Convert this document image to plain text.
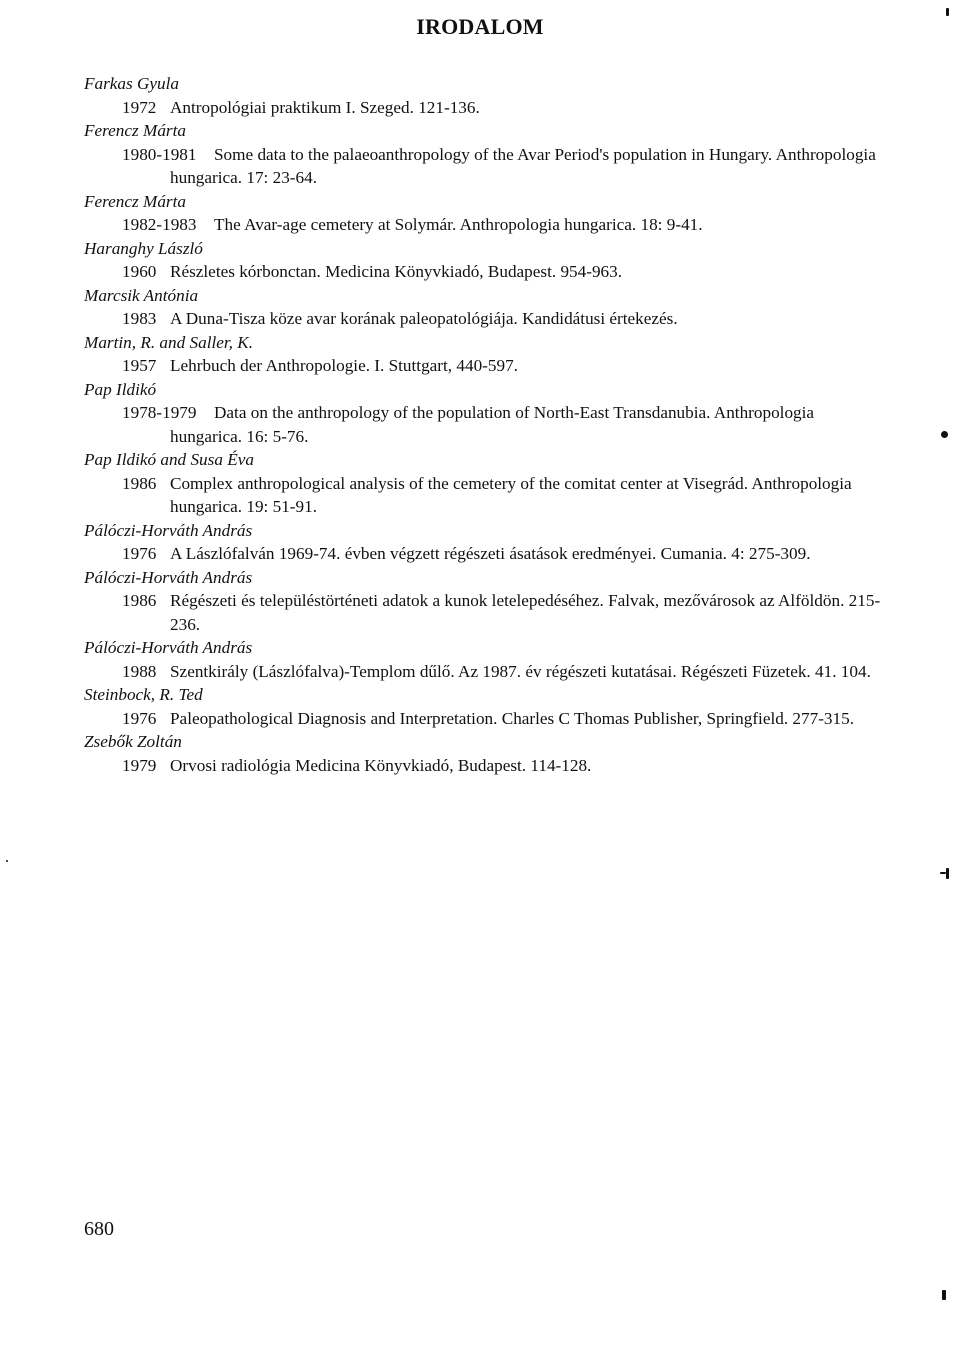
IRODALOM
Farkas Gyula
1972 Antropológiai praktikum I. Szeged. 121-136.
Ferencz Márta
1980-1981 Some data to the palaeoanthropology of the Avar Period's population in Hungary. Anthropologia hungarica. 17: 23-64.
Ferencz Márta
1982-1983 The Avar-age cemetery at Solymár. Anthropologia hungarica. 18: 9-41.
Haranghy László
1960 Részletes kórbonctan. Medicina Könyvkiadó, Budapest. 954-963.
Marcsik Antónia
1983 A Duna-Tisza köze avar korának paleopatológiája. Kandidátusi értekezés.
Martin, R. and Saller, K.
1957 Lehrbuch der Anthropologie. I. Stuttgart, 440-597.
Pap Ildikó
1978-1979 Data on the anthropology of the population of North-East Transdanubia. Anthropologia hungarica. 16: 5-76.
Pap Ildikó and Susa Éva
1986 Complex anthropological analysis of the cemetery of the comitat center at Visegrád. Anthropologia hungarica. 19: 51-91.
Pálóczi-Horváth András
1976 A Lászlófalván 1969-74. évben végzett régészeti ásatások eredményei. Cumania. 4: 275-309.
Pálóczi-Horváth András
1986 Régészeti és településtörténeti adatok a kunok letelepedéséhez. Falvak, mezővárosok az Alföldön. 215-236.
Pálóczi-Horváth András
1988 Szentkirály (Lászlófalva)-Templom dűlő. Az 1987. év régészeti kutatásai. Régészeti Füzetek. 41. 104.
Steinbock, R. Ted
1976 Paleopathological Diagnosis and Interpretation. Charles C Thomas Publisher, Springfield. 277-315.
Zsebők Zoltán
1979 Orvosi radiológia Medicina Könyvkiadó, Budapest. 114-128.
680
